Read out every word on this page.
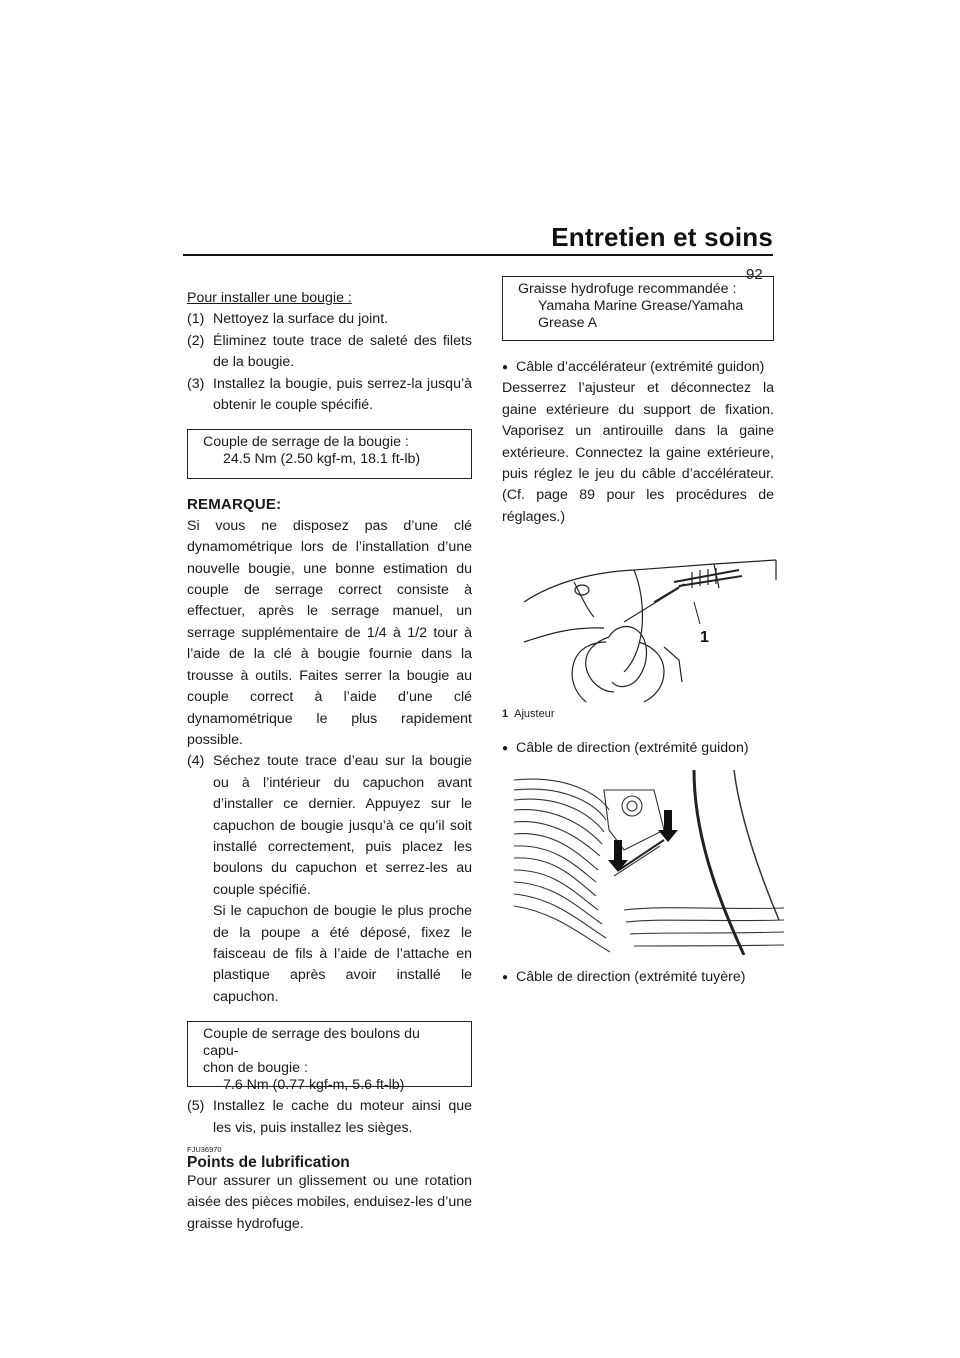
Entretien et soins
92

Pour installer une bougie :

(1) Nettoyez la surface du joint.

(2) Éliminez toute trace de saleté des filets de la bougie.

(3) Installez la bougie, puis serrez-la jusqu’à obtenir le couple spécifié.

Couple de serrage de la bougie :
24.5 Nm (2.50 kgf-m, 18.1 ft-lb)

REMARQUE:

Si vous ne disposez pas d’une clé dynamométrique lors de l’installation d’une nouvelle bougie, une bonne estimation du couple de serrage correct consiste à effectuer, après le serrage manuel, un serrage supplémentaire de 1/4 à 1/2 tour à l’aide de la clé à bougie fournie dans la trousse à outils. Faites serrer la bougie au couple correct à l’aide d’une clé dynamométrique le plus rapidement possible.

(4) Séchez toute trace d’eau sur la bougie ou à l’intérieur du capuchon avant d’installer ce dernier. Appuyez sur le capuchon de bougie jusqu’à ce qu’il soit installé correctement, puis placez les boulons du capuchon et serrez-les au couple spécifié.
Si le capuchon de bougie le plus proche de la poupe a été déposé, fixez le faisceau de fils à l’aide de l’attache en plastique après avoir installé le capuchon.
Couple de serrage des boulons du capu-
chon de bougie :
7.6 Nm (0.77 kgf-m, 5.6 ft-lb)

(5) Installez le cache du moteur ainsi que les vis, puis installez les sièges.

FJU36970

Points de lubrification

Pour assurer un glissement ou une rotation aisée des pièces mobiles, enduisez-les d’une graisse hydrofuge.

Graisse hydrofuge recommandée :
Yamaha Marine Grease/Yamaha
Grease A

● Câble d’accélérateur (extrémité guidon)

Desserrez l’ajusteur et déconnectez la gaine extérieure du support de fixation. Vaporisez un antirouille dans la gaine extérieure. Connectez la gaine extérieure, puis réglez le jeu du câble d’accélérateur. (Cf. page 89 pour les procédures de réglages.)

1

1 Ajusteur

● Câble de direction (extrémité guidon)

● Câble de direction (extrémité tuyère)
